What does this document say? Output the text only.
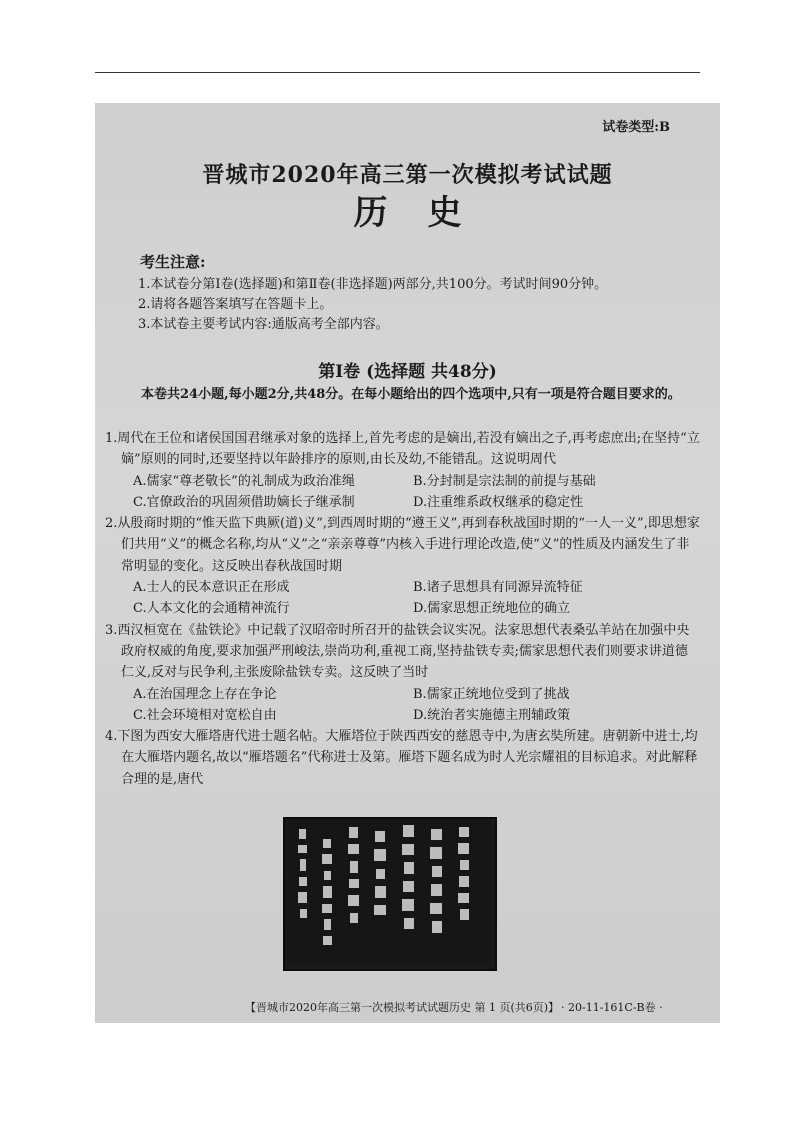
试卷类型:B
晋城市2020年高三第一次模拟考试试题
历史
考生注意:
1.本试卷分第Ⅰ卷(选择题)和第Ⅱ卷(非选择题)两部分,共100分。考试时间90分钟。
2.请将各题答案填写在答题卡上。
3.本试卷主要考试内容:通版高考全部内容。
第Ⅰ卷 (选择题 共48分)
本卷共24小题,每小题2分,共48分。在每小题给出的四个选项中,只有一项是符合题目要求的。
1.周代在王位和诸侯国国君继承对象的选择上,首先考虑的是嫡出,若没有嫡出之子,再考虑庶出;在坚持“立嫡”原则的同时,还要坚持以年龄排序的原则,由长及幼,不能错乱。这说明周代
A.儒家“尊老敬长”的礼制成为政治准绳	B.分封制是宗法制的前提与基础
C.官僚政治的巩固须借助嫡长子继承制	D.注重维系政权继承的稳定性
2.从殷商时期的“惟天监下典厥(道)义”,到西周时期的“遵王义”,再到春秋战国时期的“一人一义”,即思想家们共用“义”的概念名称,均从“义”之“亲亲尊尊”内核入手进行理论改造,使“义”的性质及内涵发生了非常明显的变化。这反映出春秋战国时期
A.士人的民本意识正在形成	B.诸子思想具有同源异流特征
C.人本文化的会通精神流行	D.儒家思想正统地位的确立
3.西汉桓宽在《盐铁论》中记载了汉昭帝时所召开的盐铁会议实况。法家思想代表桑弘羊站在加强中央政府权威的角度,要求加强严刑峻法,崇尚功利,重视工商,坚持盐铁专卖;儒家思想代表们则要求讲道德仁义,反对与民争利,主张废除盐铁专卖。这反映了当时
A.在治国理念上存在争论	B.儒家正统地位受到了挑战
C.社会环境相对宽松自由	D.统治者实施德主刑辅政策
4.下图为西安大雁塔唐代进士题名帖。大雁塔位于陕西西安的慈恩寺中,为唐玄奘所建。唐朝新中进士,均在大雁塔内题名,故以“雁塔题名”代称进士及第。雁塔下题名成为时人光宗耀祖的目标追求。对此解释合理的是,唐代
【晋城市2020年高三第一次模拟考试试题历史 第 1 页(共6页)】 · 20-11-161C-B卷 ·
